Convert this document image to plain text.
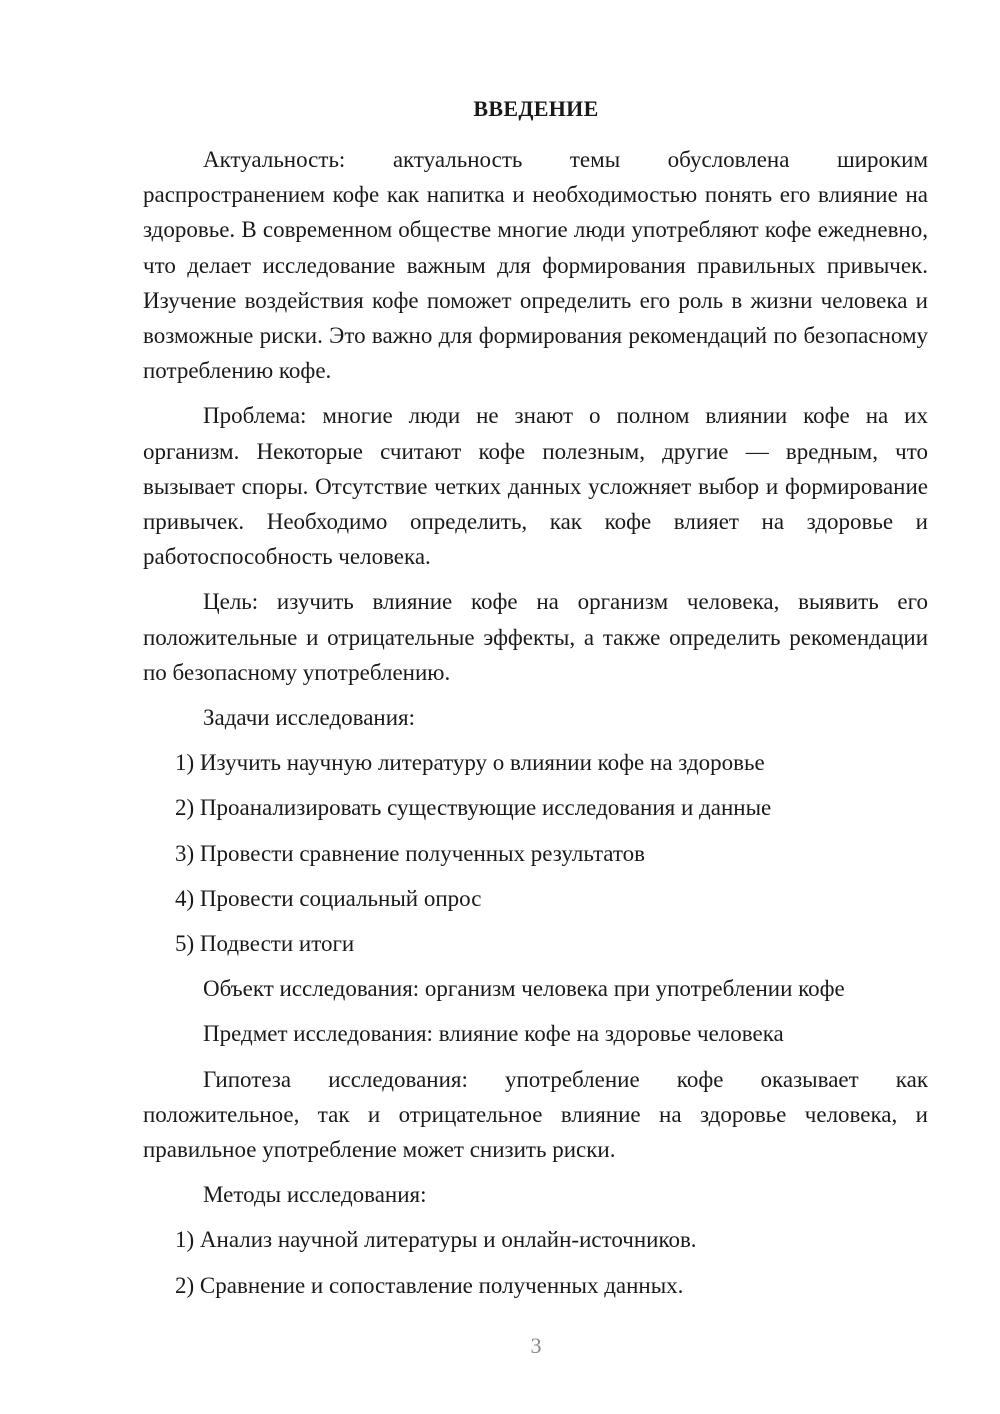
ВВЕДЕНИЕ

Актуальность: актуальность темы обусловлена широким распространением кофе как напитка и необходимостью понять его влияние на здоровье. В современном обществе многие люди употребляют кофе ежедневно, что делает исследование важным для формирования правильных привычек. Изучение воздействия кофе поможет определить его роль в жизни человека и возможные риски. Это важно для формирования рекомендаций по безопасному потреблению кофе.

Проблема: многие люди не знают о полном влиянии кофе на их организм. Некоторые считают кофе полезным, другие — вредным, что вызывает споры. Отсутствие четких данных усложняет выбор и формирование привычек. Необходимо определить, как кофе влияет на здоровье и работоспособность человека.

Цель: изучить влияние кофе на организм человека, выявить его положительные и отрицательные эффекты, а также определить рекомендации по безопасному употреблению.

Задачи исследования:

1) Изучить научную литературу о влиянии кофе на здоровье

2) Проанализировать существующие исследования и данные

3) Провести сравнение полученных результатов

4) Провести социальный опрос

5) Подвести итоги

Объект исследования: организм человека при употреблении кофе

Предмет исследования: влияние кофе на здоровье человека

Гипотеза исследования: употребление кофе оказывает как положительное, так и отрицательное влияние на здоровье человека, и правильное употребление может снизить риски.

Методы исследования:

1) Анализ научной литературы и онлайн-источников.

2) Сравнение и сопоставление полученных данных.

3
